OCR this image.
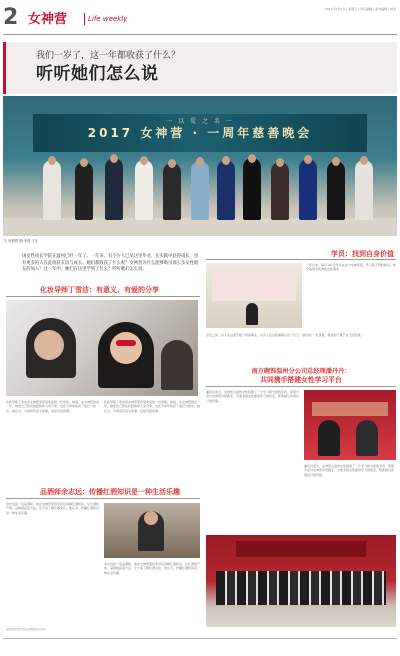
2 女神营	Life weekly
2017年9月1日 | 星期五 | 责任编辑 | 美术编辑 | 校对
我们一岁了，这一年都收获了什么？
听听她们怎么说
一 以 爱 之 名 一
2017 女神营 · 一周年慈善晚会
文/ 杨倩倩 图/ 李倩 王东
国女性成长学院在温州已经一年了。一年来，有不少人已从这里毕业，在实践中获得成长；也有更多的人在此收获友谊与成长。她们都收获了什么呢？女神营为什么能够吸引那么多女性朋友的加入？这一年中，她们在这里学到了什么？听听她们怎么说。
学员：找到自身价值
一年以来，每月 40 位学员在这个女神营里，学习着不同的知识，结交着更多优秀的女性朋友……
学员之间，有人从这里开始了新的事业，也有人在这里重新认识了自己。她们说：“在这里，我找到了属于自己的价值。”
化妆导师丁雪洁：有意义，有爱的分享
化妆导师丁雪洁是女神营里很受欢迎的一位导师。她说，在女神营的这一年，她把自己的化妆经验和大家分享，也在分享中收获了成长与快乐。她认为，分享是有意义的事，也是有爱的事。
化妆导师丁雪洁是女神营里很受欢迎的一位导师。她说，在女神营的这一年，她把自己的化妆经验和大家分享，也在分享中收获了成长与快乐。她认为，分享是有意义的事，也是有爱的事。
品酒师余志远：传播红酒知识是一种生活乐趣
余志远是一名品酒师，他在女神营里给学员们讲解红酒知识，从红酒的产地、品种到品鉴方法，让大家了解红酒文化。他认为，传播红酒知识是一种生活乐趣。
余志远是一名品酒师，他在女神营里给学员们讲解红酒知识，从红酒的产地、品种到品鉴方法，让大家了解红酒文化。他认为，传播红酒知识是一种生活乐趣。
南方碗饰温州分公司总经理潘丹丹：
共同携手搭建女性学习平台
潘丹丹表示，女神营为温州女性搭建了一个学习和交流的平台，希望今后与女神营共同携手，为更多的女性提供学习的机会，帮助她们实现自己的价值。
潘丹丹表示，女神营为温州女性搭建了一个学习和交流的平台，希望今后与女神营共同携手，为更多的女性提供学习的机会，帮助她们实现自己的价值。
温州女性成长学院女神营成员合影。
